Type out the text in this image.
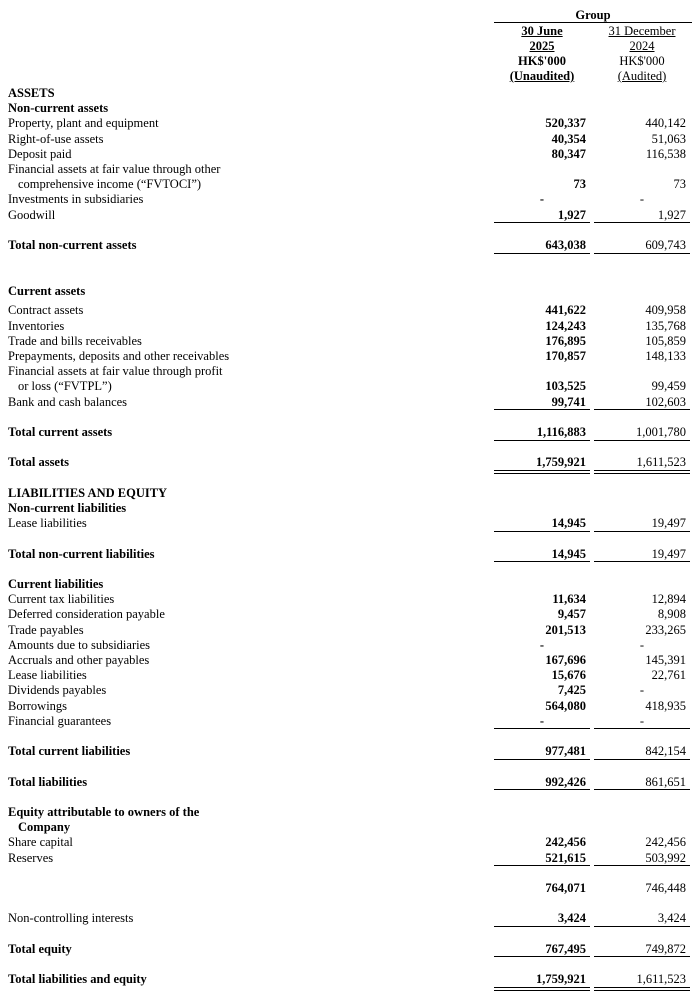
Group
30 June
2025
HK$'000
(Unaudited)
31 December
2024
HK$'000
(Audited)
ASSETS
Non-current assets
Property, plant and equipment	520,337	440,142
Right-of-use assets	40,354	51,063
Deposit paid	80,347	116,538
Financial assets at fair value through other
comprehensive income (“FVTOCI”)	73	73
Investments in subsidiaries	-	-
Goodwill	1,927	1,927
Total non-current assets	643,038	609,743
Current assets
Contract assets	441,622	409,958
Inventories	124,243	135,768
Trade and bills receivables	176,895	105,859
Prepayments, deposits and other receivables	170,857	148,133
Financial assets at fair value through profit
or loss (“FVTPL”)	103,525	99,459
Bank and cash balances	99,741	102,603
Total current assets	1,116,883	1,001,780
Total assets	1,759,921	1,611,523
LIABILITIES AND EQUITY
Non-current liabilities
Lease liabilities	14,945	19,497
Total non-current liabilities	14,945	19,497
Current liabilities
Current tax liabilities	11,634	12,894
Deferred consideration payable	9,457	8,908
Trade payables	201,513	233,265
Amounts due to subsidiaries	-	-
Accruals and other payables	167,696	145,391
Lease liabilities	15,676	22,761
Dividends payables	7,425	-
Borrowings	564,080	418,935
Financial guarantees	-	-
Total current liabilities	977,481	842,154
Total liabilities	992,426	861,651
Equity attributable to owners of the
Company
Share capital	242,456	242,456
Reserves	521,615	503,992
764,071	746,448
Non-controlling interests	3,424	3,424
Total equity	767,495	749,872
Total liabilities and equity	1,759,921	1,611,523
